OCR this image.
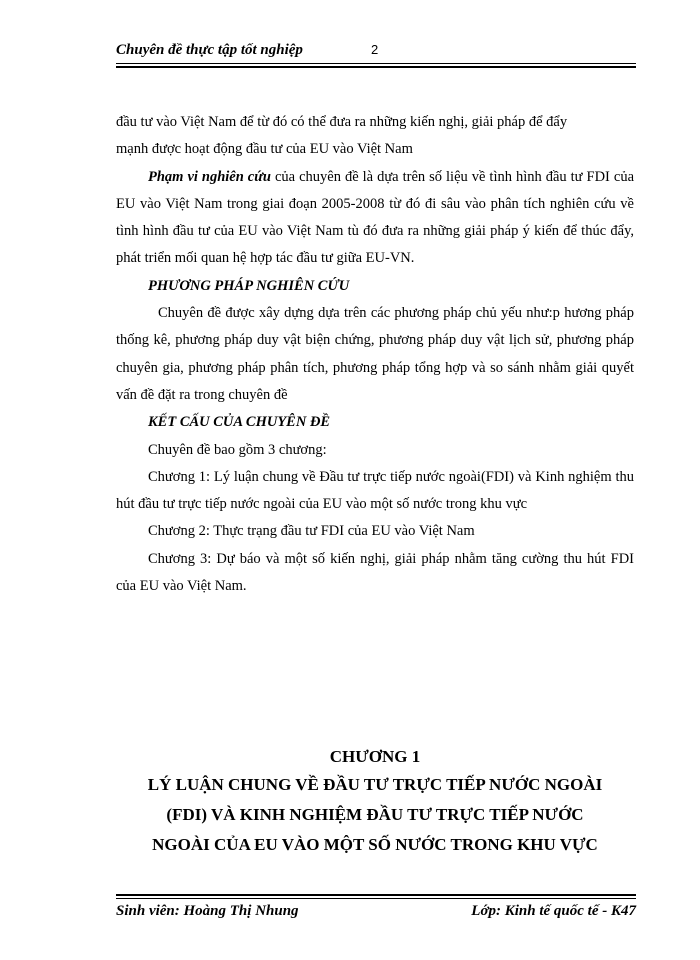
Chuyên đề thực tập tốt nghiệp	2

đầu tư vào Việt Nam để từ đó có thể đưa ra những kiến nghị, giải pháp để đẩy
mạnh được hoạt động đầu tư của EU vào Việt Nam

Phạm vi nghiên cứu của chuyên đề là dựa trên số liệu về tình hình đầu tư FDI của EU vào Việt Nam trong giai đoạn 2005-2008 từ đó đi sâu vào phân tích nghiên cứu về tình hình đầu tư của EU vào Việt Nam tù đó đưa ra những giải pháp ý kiến để thúc đẩy, phát triển mối quan hệ hợp tác đầu tư giữa EU-VN.

PHƯƠNG PHÁP NGHIÊN CỨU

Chuyên đề được xây dựng dựa trên các phương pháp chủ yếu như:p hương pháp thống kê, phương pháp duy vật biện chứng, phương pháp duy vật lịch sử, phương pháp chuyên gia, phương pháp phân tích, phương pháp tổng hợp và so sánh nhằm giải quyết vấn đề đặt ra trong chuyên đề

KẾT CẤU CỦA CHUYÊN ĐỀ

Chuyên đề bao gồm 3 chương:

Chương 1: Lý luận chung về Đầu tư trực tiếp nước ngoài(FDI) và Kinh nghiệm thu hút đầu tư trực tiếp nước ngoài của EU vào một số nước trong khu vực

Chương 2: Thực trạng đầu tư FDI của EU vào Việt Nam

Chương 3: Dự báo và một số kiến nghị, giải pháp nhằm tăng cường thu hút FDI của EU vào Việt Nam.

CHƯƠNG 1
LÝ LUẬN CHUNG VỀ ĐẦU TƯ TRỰC TIẾP NƯỚC NGOÀI
(FDI) VÀ KINH NGHIỆM ĐẦU TƯ TRỰC TIẾP NƯỚC
NGOÀI CỦA EU VÀO MỘT SỐ NƯỚC TRONG KHU VỰC
Sinh viên: Hoàng Thị Nhung	Lớp: Kinh tế quốc tế - K47
